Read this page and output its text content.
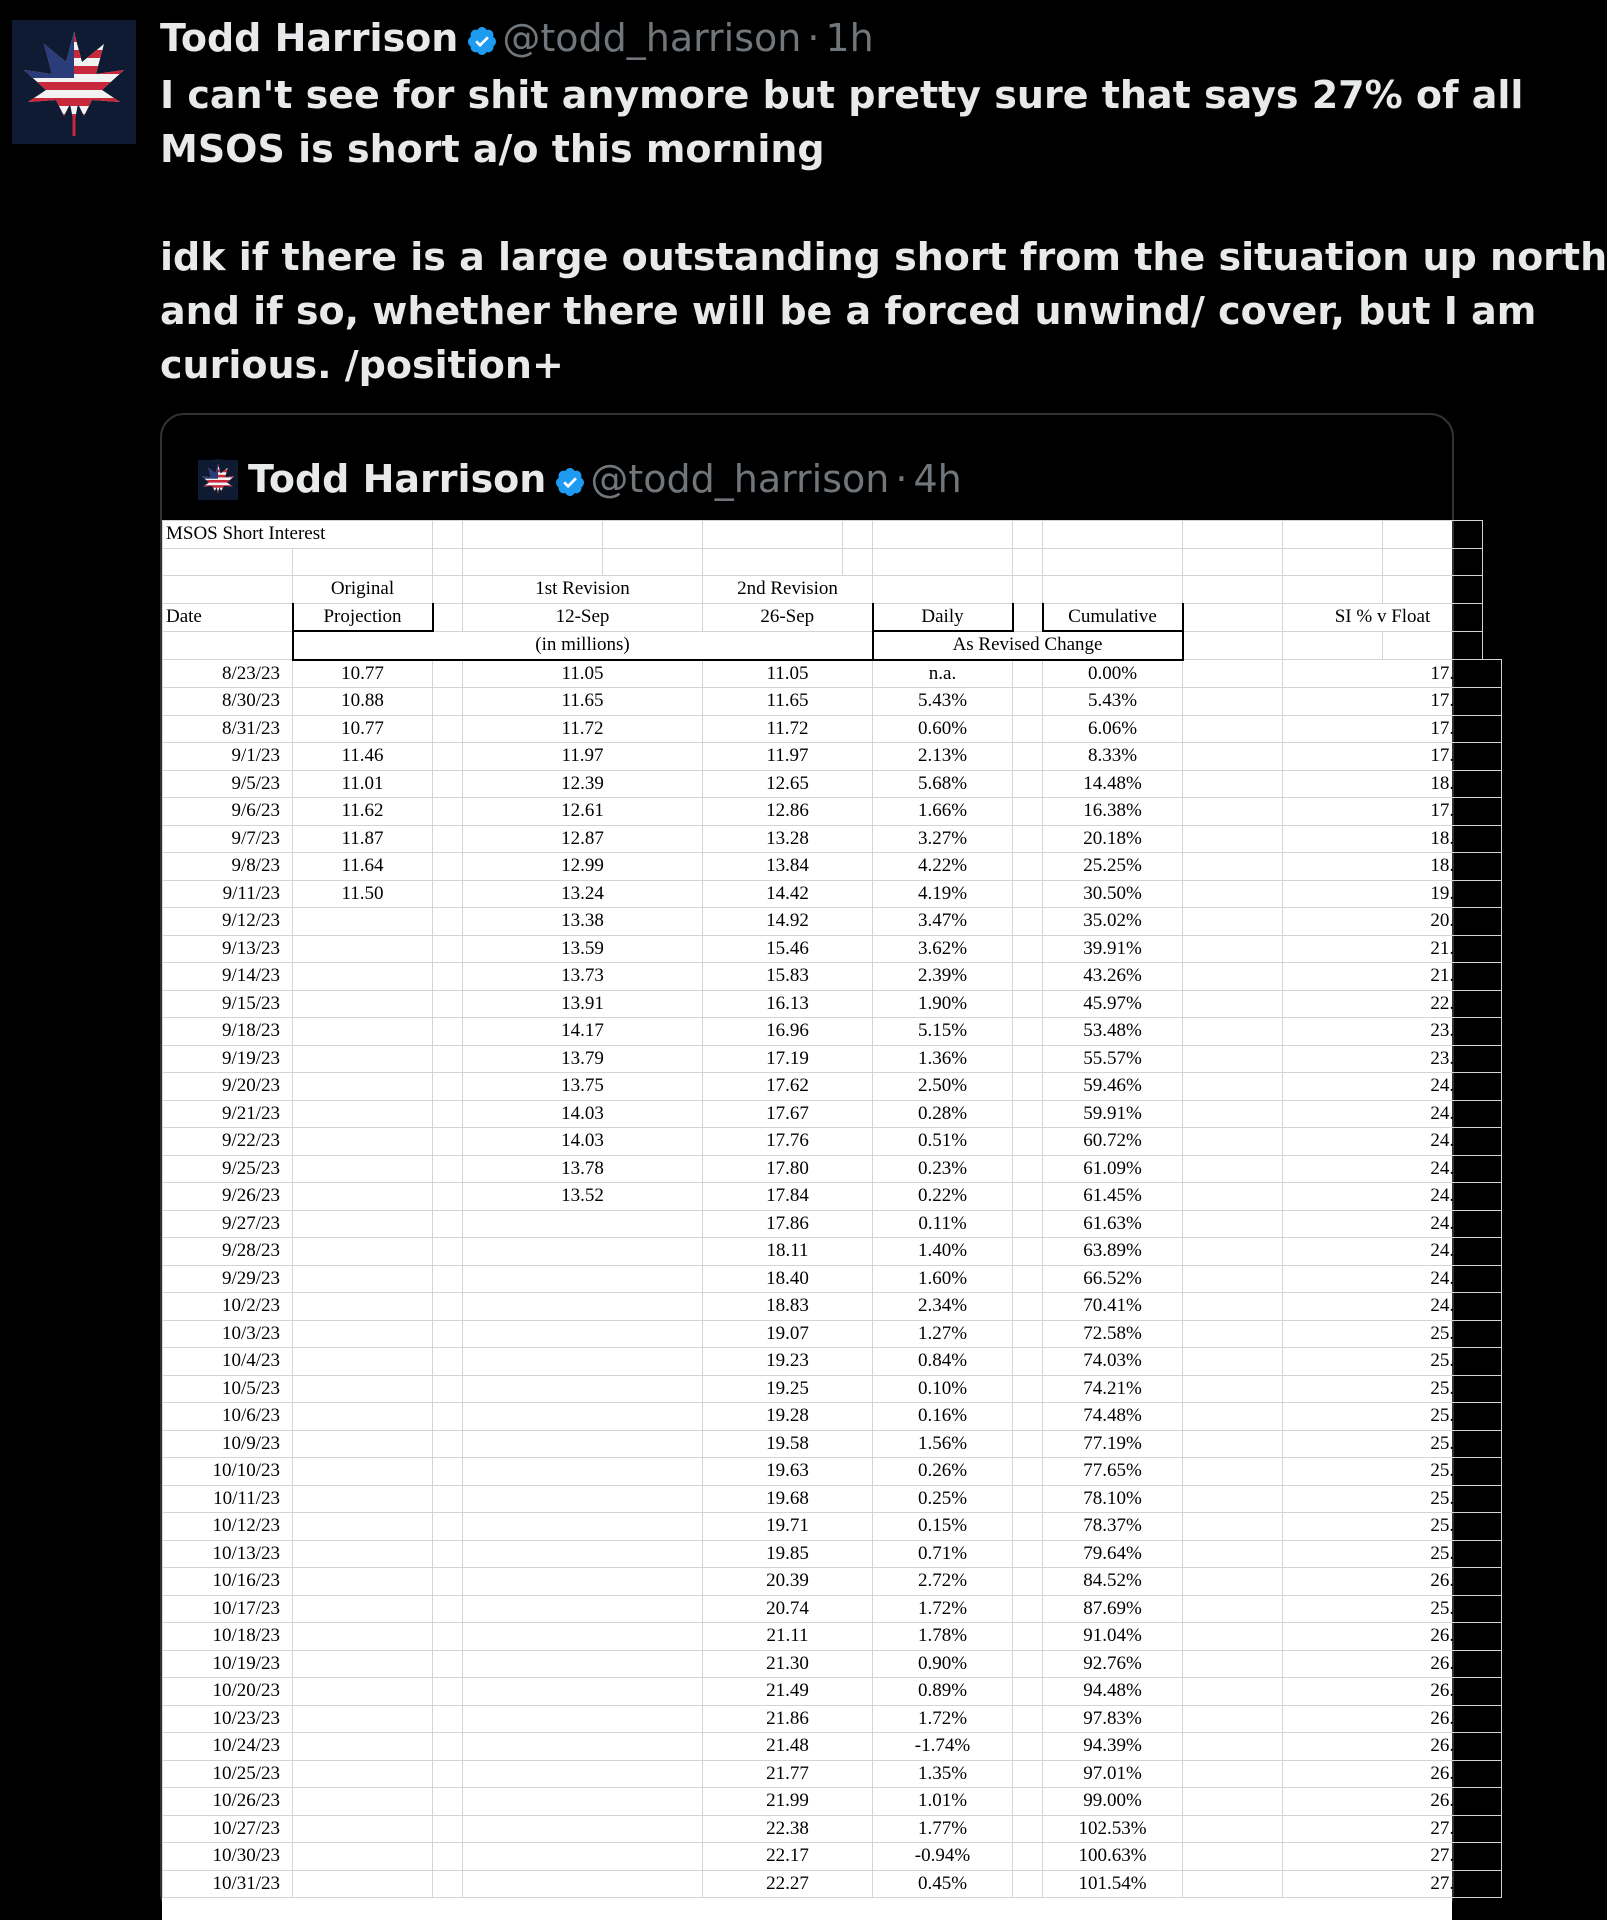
Todd Harrison @todd_harrison · 1h

I can't see for shit anymore but pretty sure that says 27% of all

MSOS is short a/o this morning

idk if there is a large outstanding short from the situation up north

and if so, whether there will be a forced unwind/ cover, but I am

curious. /position+

Todd Harrison @todd_harrison · 4h
MSOS Short Interest												

	Original		1st Revision		2nd Revision							
Date	Projection		12-Sep		26-Sep		Daily		Cumulative		SI % v Float	
	(in millions)						As Revised Change					
8/23/23	10.77		11.05		11.05		n.a.		0.00%		17.05%	
8/30/23	10.88		11.65		11.65		5.43%		5.43%		17.31%	
8/31/23	10.77		11.72		11.72		0.60%		6.06%		17.18%	
9/1/23	11.46		11.97		11.97		2.13%		8.33%		17.48%	
9/5/23	11.01		12.39		12.65		5.68%		14.48%		18.23%	
9/6/23	11.62		12.61		12.86		1.66%		16.38%		17.91%	
9/7/23	11.87		12.87		13.28		3.27%		20.18%		18.41%	
9/8/23	11.64		12.99		13.84		4.22%		25.25%		18.98%	
9/11/23	11.50		13.24		14.42		4.19%		30.50%		19.78%	
9/12/23			13.38		14.92		3.47%		35.02%		20.46%	
9/13/23			13.59		15.46		3.62%		39.91%		21.20%	
9/14/23			13.73		15.83		2.39%		43.26%		21.71%	
9/15/23			13.91		16.13		1.90%		45.97%		22.07%	
9/18/23			14.17		16.96		5.15%		53.48%		23.20%	
9/19/23			13.79		17.19		1.36%		55.57%		23.52%	
9/20/23			13.75		17.62		2.50%		59.46%		24.10%	
9/21/23			14.03		17.67		0.28%		59.91%		24.17%	
9/22/23			14.03		17.76		0.51%		60.72%		24.30%	
9/25/23			13.78		17.80		0.23%		61.09%		24.35%	
9/26/23			13.52		17.84		0.22%		61.45%		24.34%	
9/27/23					17.86		0.11%		61.63%		24.30%	
9/28/23					18.11		1.40%		63.89%		24.54%	
9/29/23					18.40		1.60%		66.52%		24.93%	
10/2/23					18.83		2.34%		70.41%		24.71%	
10/3/23					19.07		1.27%		72.58%		25.03%	
10/4/23					19.23		0.84%		74.03%		25.17%	
10/5/23					19.25		0.10%		74.21%		25.13%	
10/6/23					19.28		0.16%		74.48%		25.17%	
10/9/23					19.58		1.56%		77.19%		25.56%	
10/10/23					19.63		0.26%		77.65%		25.63%	
10/11/23					19.68		0.25%		78.10%		25.69%	
10/12/23					19.71		0.15%		78.37%		25.66%	
10/13/23					19.85		0.71%		79.64%		25.65%	
10/16/23					20.39		2.72%		84.52%		26.28%	
10/17/23					20.74		1.72%		87.69%		25.96%	
10/18/23					21.11		1.78%		91.04%		26.13%	
10/19/23					21.30		0.90%		92.76%		26.20%	
10/20/23					21.49		0.89%		94.48%		26.37%	
10/23/23					21.86		1.72%		97.83%		26.82%	
10/24/23					21.48		-1.74%		94.39%		26.26%	
10/25/23					21.77		1.35%		97.01%		26.48%	
10/26/23					21.99		1.01%		99.00%		26.75%	
10/27/23					22.38		1.77%		102.53%		27.23%	
10/30/23					22.17		-0.94%		100.63%		27.00%	
10/31/23					22.27		0.45%		101.54%		27.22%	
